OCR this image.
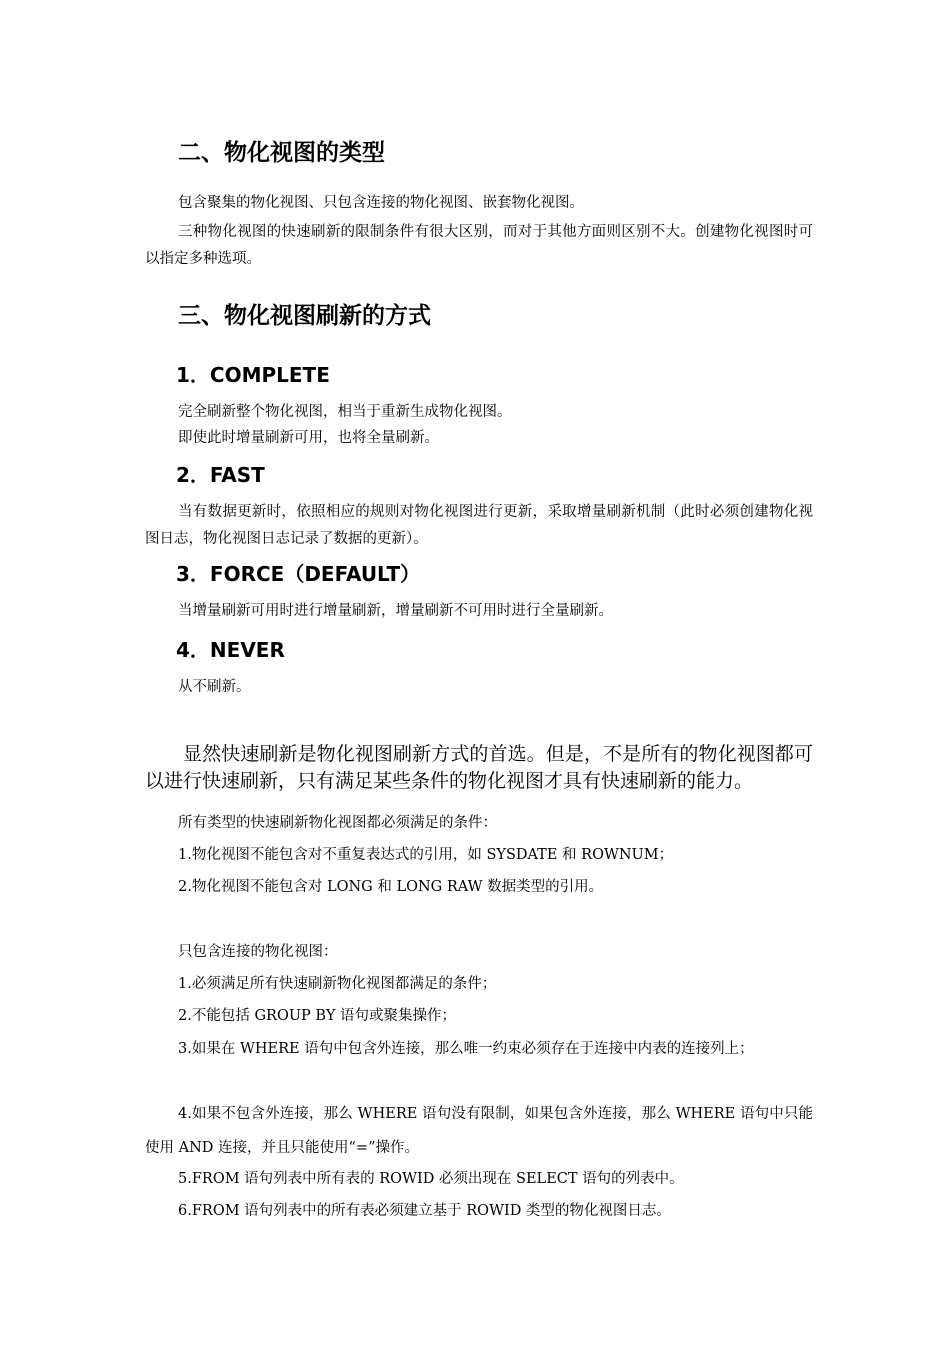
二、物化视图的类型

包含聚集的物化视图、只包含连接的物化视图、嵌套物化视图。

三种物化视图的快速刷新的限制条件有很大区别，而对于其他方面则区别不大。创建物化视图时可以指定多种选项。

三、物化视图刷新的方式
1．COMPLETE

完全刷新整个物化视图，相当于重新生成物化视图。

即使此时增量刷新可用，也将全量刷新。

2．FAST

当有数据更新时，依照相应的规则对物化视图进行更新，采取增量刷新机制（此时必须创建物化视图日志，物化视图日志记录了数据的更新）。

3．FORCE（DEFAULT）

当增量刷新可用时进行增量刷新，增量刷新不可用时进行全量刷新。

4．NEVER

从不刷新。

显然快速刷新是物化视图刷新方式的首选。但是，不是所有的物化视图都可以进行快速刷新，只有满足某些条件的物化视图才具有快速刷新的能力。

所有类型的快速刷新物化视图都必须满足的条件：

1.物化视图不能包含对不重复表达式的引用，如 SYSDATE 和 ROWNUM；

2.物化视图不能包含对 LONG 和 LONG RAW 数据类型的引用。

只包含连接的物化视图：

1.必须满足所有快速刷新物化视图都满足的条件；

2.不能包括 GROUP BY 语句或聚集操作；

3.如果在 WHERE 语句中包含外连接，那么唯一约束必须存在于连接中内表的连接列上；

4.如果不包含外连接，那么 WHERE 语句没有限制，如果包含外连接，那么 WHERE 语句中只能使用 AND 连接，并且只能使用“=”操作。

5.FROM 语句列表中所有表的 ROWID 必须出现在 SELECT 语句的列表中。

6.FROM 语句列表中的所有表必须建立基于 ROWID 类型的物化视图日志。
